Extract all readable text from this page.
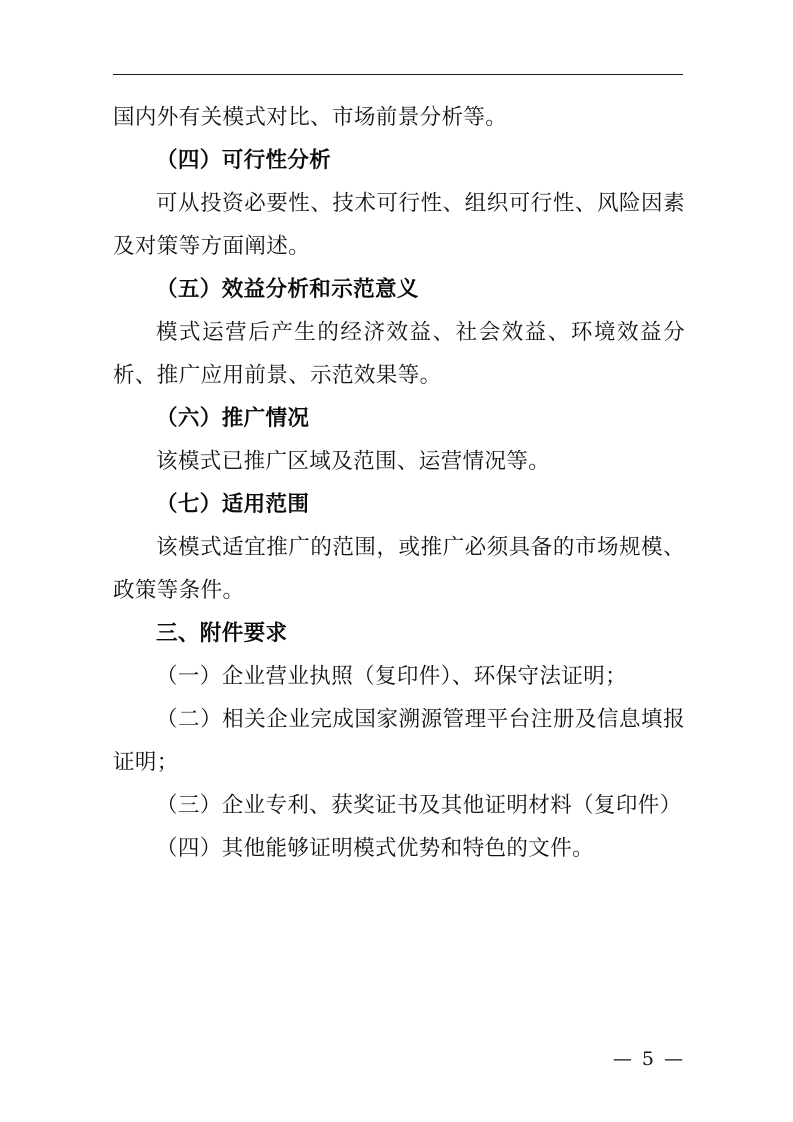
国内外有关模式对比、市场前景分析等。

（四）可行性分析

可从投资必要性、技术可行性、组织可行性、风险因素及对策等方面阐述。

（五）效益分析和示范意义

模式运营后产生的经济效益、社会效益、环境效益分析、推广应用前景、示范效果等。

（六）推广情况

该模式已推广区域及范围、运营情况等。

（七）适用范围

该模式适宜推广的范围，或推广必须具备的市场规模、政策等条件。

三、附件要求

（一）企业营业执照（复印件）、环保守法证明；

（二）相关企业完成国家溯源管理平台注册及信息填报证明；

（三）企业专利、获奖证书及其他证明材料（复印件）

（四）其他能够证明模式优势和特色的文件。

— 5 —
